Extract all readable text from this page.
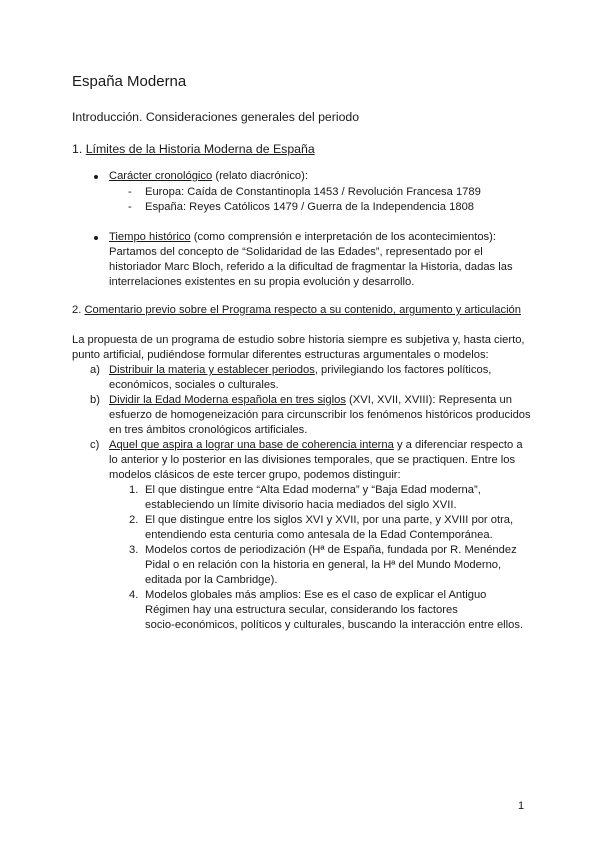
España Moderna
Introducción. Consideraciones generales del periodo
1. Límites de la Historia Moderna de España
Carácter cronológico (relato diacrónico):
- Europa: Caída de Constantinopla 1453 / Revolución Francesa 1789
- España: Reyes Católicos 1479 / Guerra de la Independencia 1808
Tiempo histórico (como comprensión e interpretación de los acontecimientos):
Partamos del concepto de “Solidaridad de las Edades”, representado por el
historiador Marc Bloch, referido a la dificultad de fragmentar la Historia, dadas las
interrelaciones existentes en su propia evolución y desarrollo.
2. Comentario previo sobre el Programa respecto a su contenido, argumento y articulación
La propuesta de un programa de estudio sobre historia siempre es subjetiva y, hasta cierto,
punto artificial, pudiéndose formular diferentes estructuras argumentales o modelos:
a) Distribuir la materia y establecer periodos, privilegiando los factores políticos,
económicos, sociales o culturales.
b) Dividir la Edad Moderna española en tres siglos (XVI, XVII, XVIII): Representa un
esfuerzo de homogeneización para circunscribir los fenómenos históricos producidos
en tres ámbitos cronológicos artificiales.
c) Aquel que aspira a lograr una base de coherencia interna y a diferenciar respecto a
lo anterior y lo posterior en las divisiones temporales, que se practiquen. Entre los
modelos clásicos de este tercer grupo, podemos distinguir:
1. El que distingue entre “Alta Edad moderna” y “Baja Edad moderna”,
estableciendo un límite divisorio hacia mediados del siglo XVII.
2. El que distingue entre los siglos XVI y XVII, por una parte, y XVIII por otra,
entendiendo esta centuria como antesala de la Edad Contemporánea.
3. Modelos cortos de periodización (Hª de España, fundada por R. Menéndez
Pidal o en relación con la historia en general, la Hª del Mundo Moderno,
editada por la Cambridge).
4. Modelos globales más amplios: Ese es el caso de explicar el Antiguo
Régimen hay una estructura secular, considerando los factores
socio-económicos, políticos y culturales, buscando la interacción entre ellos.
1
